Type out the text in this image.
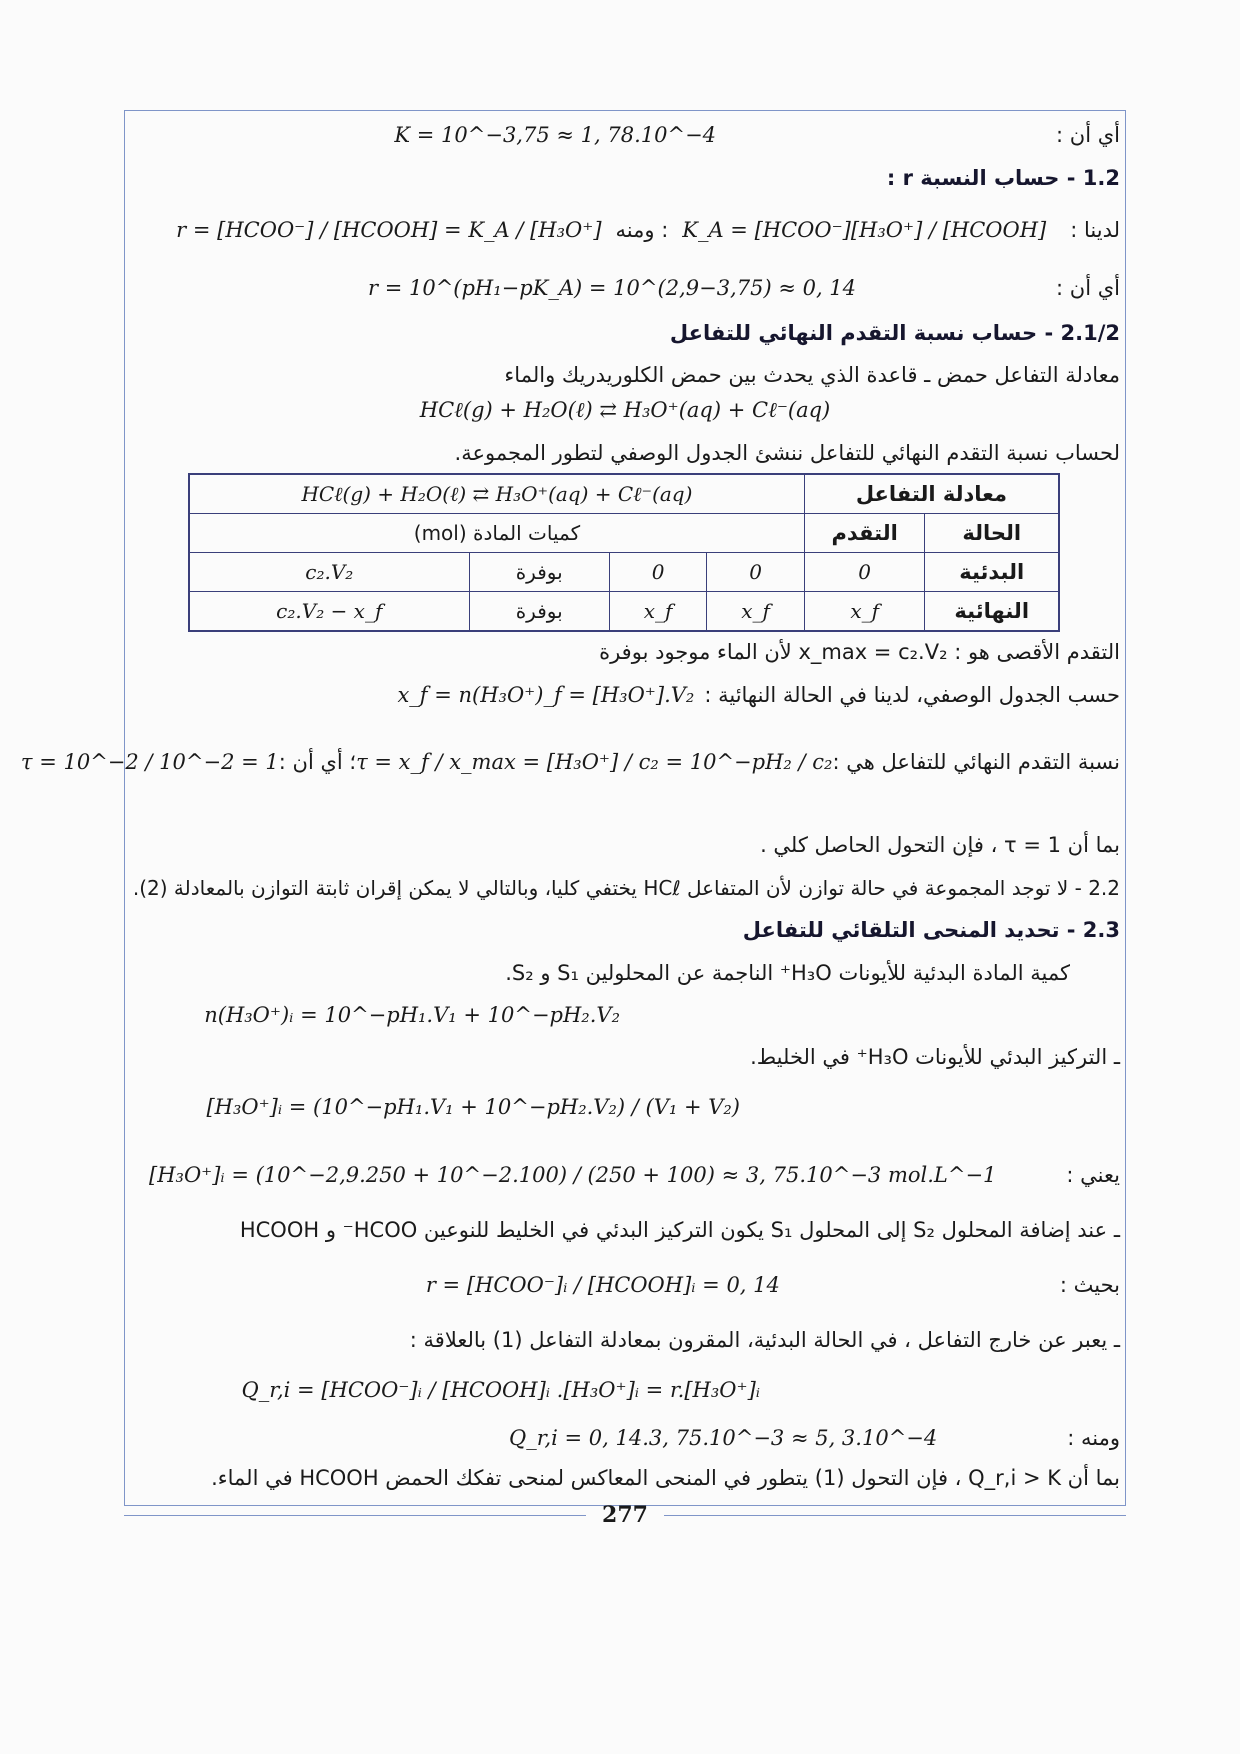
أي أن :
K = 10^−3,75 ≈ 1, 78.10^−4
1.2 - حساب النسبة r :
لدينا :
K_A = [HCOO⁻][H₃O⁺] / [HCOOH]
: ومنه
r = [HCOO⁻] / [HCOOH] = K_A / [H₃O⁺]
أي أن :
r = 10^(pH₁−pK_A) = 10^(2,9−3,75) ≈ 0, 14
2.1/2 - حساب نسبة التقدم النهائي للتفاعل
معادلة التفاعل حمض ـ قاعدة الذي يحدث بين حمض الكلوريدريك والماء
HCℓ(g) + H₂O(ℓ) ⇄ H₃O⁺(aq) + Cℓ⁻(aq)
لحساب نسبة التقدم النهائي للتفاعل ننشئ الجدول الوصفي لتطور المجموعة.
معادلة التفاعل		HCℓ(g) + H₂O(ℓ) ⇄ H₃O⁺(aq) + Cℓ⁻(aq)			
الحالة	التقدم	كميات المادة (mol)			
البدئية	0	0	0	بوفرة	c₂.V₂
النهائية	x_f	x_f	x_f	بوفرة	c₂.V₂ − x_f
التقدم الأقصى هو : x_max = c₂.V₂ لأن الماء موجود بوفرة
حسب الجدول الوصفي، لدينا في الحالة النهائية :
x_f = n(H₃O⁺)_f = [H₃O⁺].V₂
نسبة التقدم النهائي للتفاعل هي :
τ = x_f / x_max = [H₃O⁺] / c₂ = 10^−pH₂ / c₂
؛ أي أن :
τ = 10^−2 / 10^−2 = 1
بما أن τ = 1 ، فإن التحول الحاصل كلي .
2.2 - لا توجد المجموعة في حالة توازن لأن المتفاعل HCℓ يختفي كليا، وبالتالي لا يمكن إقران ثابتة التوازن بالمعادلة (2).
2.3 - تحديد المنحى التلقائي للتفاعل
كمية المادة البدئية للأيونات H₃O⁺ الناجمة عن المحلولين S₁ و S₂.
n(H₃O⁺)ᵢ = 10^−pH₁.V₁ + 10^−pH₂.V₂
ـ التركيز البدئي للأيونات H₃O⁺ في الخليط.
[H₃O⁺]ᵢ = (10^−pH₁.V₁ + 10^−pH₂.V₂) / (V₁ + V₂)
يعني :
[H₃O⁺]ᵢ = (10^−2,9.250 + 10^−2.100) / (250 + 100) ≈ 3, 75.10^−3 mol.L^−1
ـ عند إضافة المحلول S₂ إلى المحلول S₁ يكون التركيز البدئي في الخليط للنوعين HCOO⁻ و HCOOH
بحيث :
r = [HCOO⁻]ᵢ / [HCOOH]ᵢ = 0, 14
ـ يعبر عن خارج التفاعل ، في الحالة البدئية، المقرون بمعادلة التفاعل (1) بالعلاقة :
Q_r,i = [HCOO⁻]ᵢ / [HCOOH]ᵢ .[H₃O⁺]ᵢ = r.[H₃O⁺]ᵢ
ومنه :
Q_r,i = 0, 14.3, 75.10^−3 ≈ 5, 3.10^−4
بما أن Q_r,i > K ، فإن التحول (1) يتطور في المنحى المعاكس لمنحى تفكك الحمض HCOOH في الماء.
277
